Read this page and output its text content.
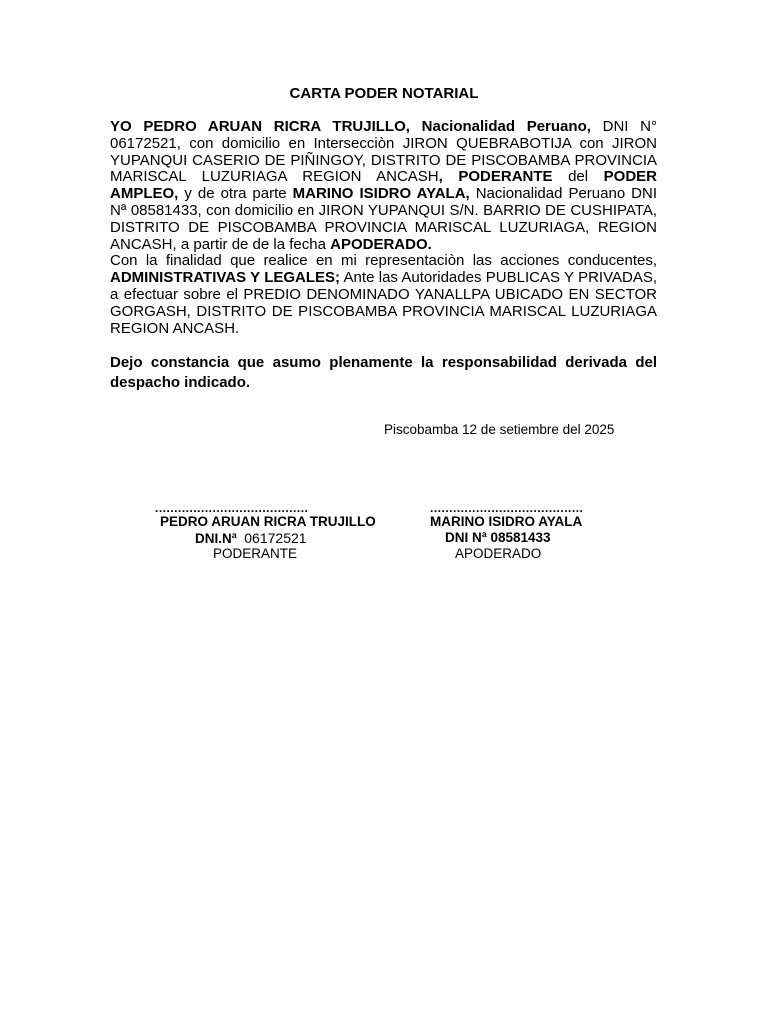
CARTA PODER NOTARIAL

YO PEDRO ARUAN RICRA TRUJILLO, Nacionalidad Peruano, DNI N° 06172521, con domicilio en Intersecciòn JIRON QUEBRABOTIJA con JIRON YUPANQUI CASERIO DE PIÑINGOY, DISTRITO DE PISCOBAMBA PROVINCIA MARISCAL LUZURIAGA REGION ANCASH, PODERANTE del PODER AMPLEO, y de otra parte MARINO ISIDRO AYALA, Nacionalidad Peruano DNI Nª 08581433, con domicilio en JIRON YUPANQUI S/N. BARRIO DE CUSHIPATA, DISTRITO DE PISCOBAMBA PROVINCIA MARISCAL LUZURIAGA, REGION ANCASH, a partir de de la fecha APODERADO.

Con la finalidad que realice en mi representaciòn las acciones conducentes, ADMINISTRATIVAS Y LEGALES; Ante las Autoridades PUBLICAS Y PRIVADAS, a efectuar sobre el PREDIO DENOMINADO YANALLPA UBICADO EN SECTOR GORGASH, DISTRITO DE PISCOBAMBA PROVINCIA MARISCAL LUZURIAGA REGION ANCASH.

Dejo constancia que asumo plenamente la responsabilidad derivada del despacho indicado.
Piscobamba 12 de setiembre del 2025
........................................
PEDRO ARUAN RICRA TRUJILLO
DNI.Nª 06172521
PODERANTE
........................................
MARINO ISIDRO AYALA
DNI Nª 08581433
APODERADO
